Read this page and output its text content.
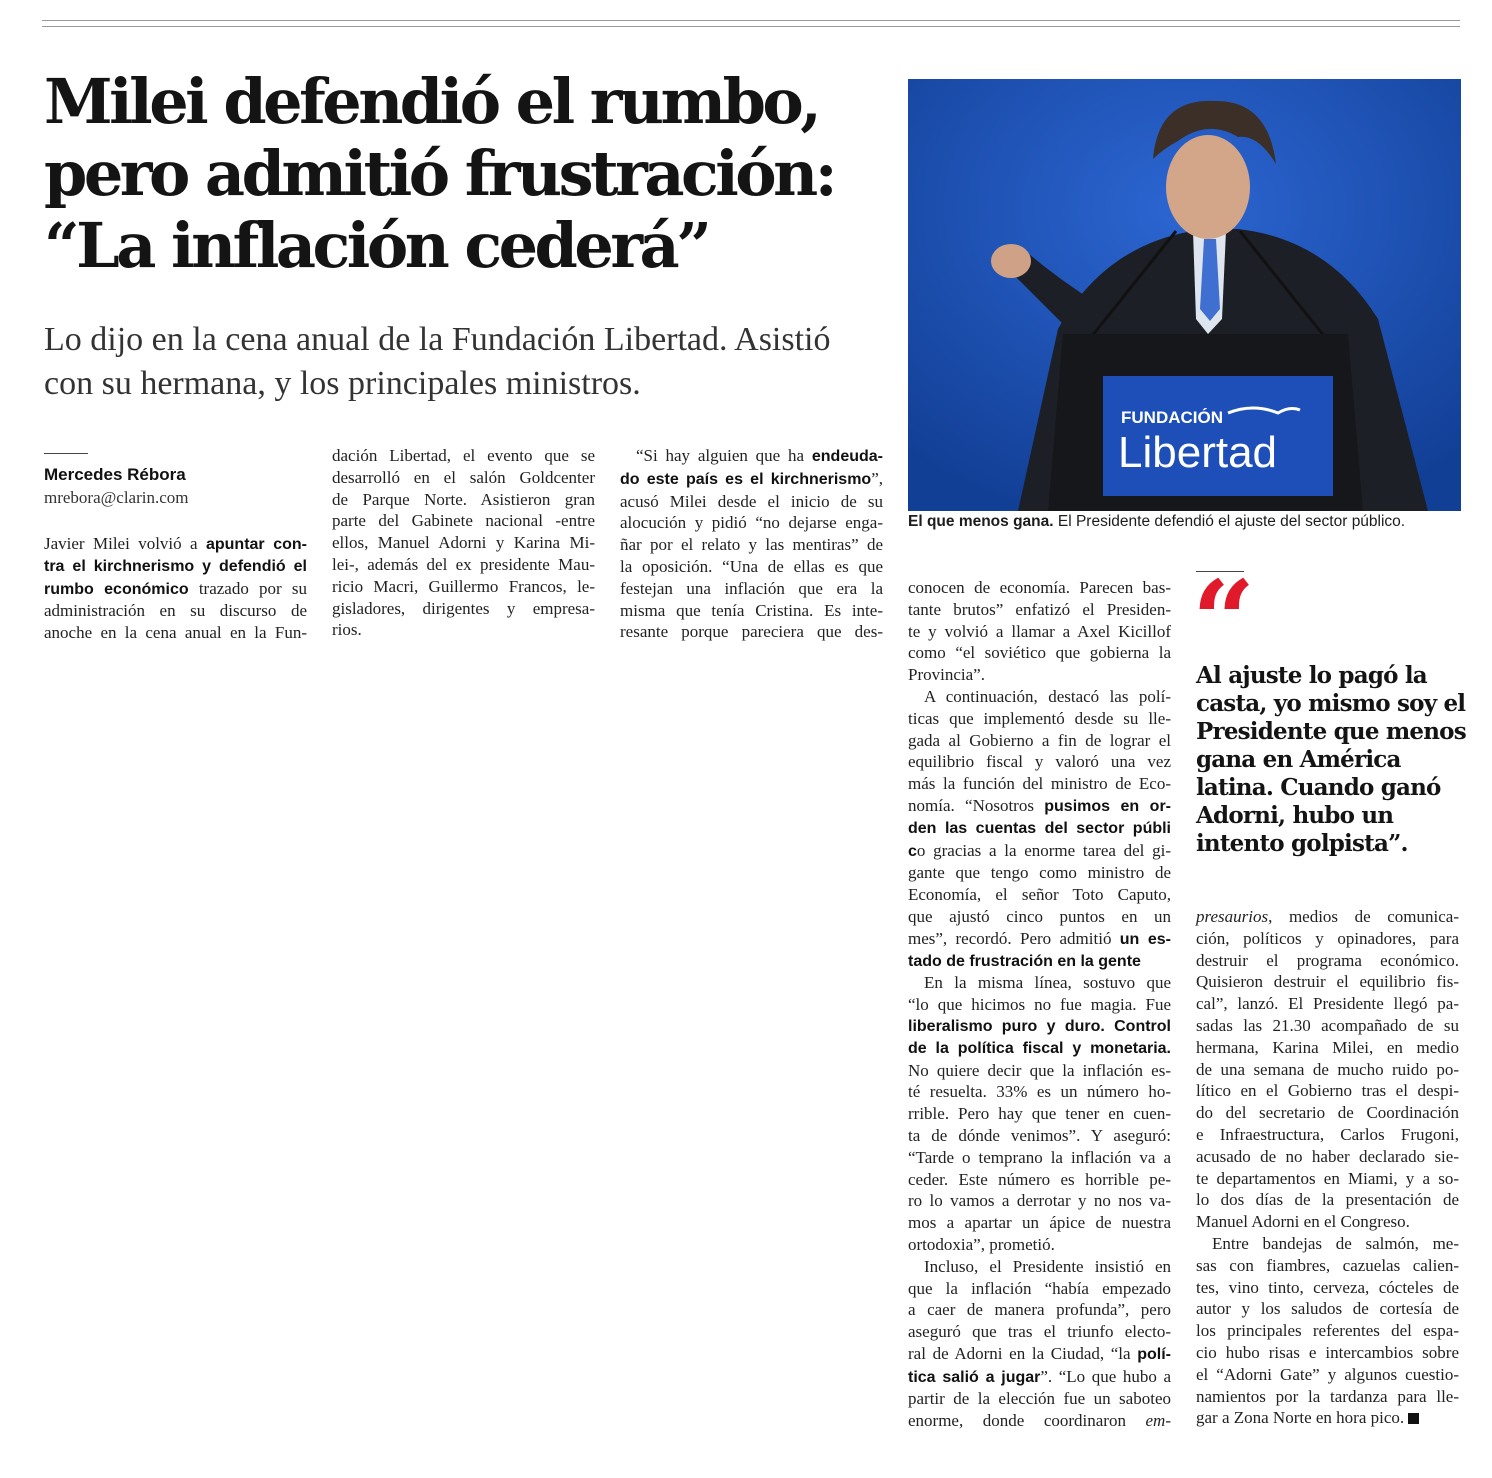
Milei defendió el rumbo,
pero admitió frustración:
“La inflación cederá”

Lo dijo en la cena anual de la Fundación Libertad. Asistió
con su hermana, y los principales ministros.

FUNDACIÓN
Libertad
El que menos gana. El Presidente defendió el ajuste del sector público.
Mercedes Rébora
mrebora@clarin.com
Javier Milei volvió a apuntar con-
tra el kirchnerismo y defendió el
rumbo económico trazado por su
administración en su discurso de
anoche en la cena anual en la Fun-
dación Libertad, el evento que se
desarrolló en el salón Goldcenter
de Parque Norte. Asistieron gran
parte del Gabinete nacional -entre
ellos, Manuel Adorni y Karina Mi-
lei-, además del ex presidente Mau-
ricio Macri, Guillermo Francos, le-
gisladores, dirigentes y empresa-
rios.
“Si hay alguien que ha endeuda-
do este país es el kirchnerismo”,
acusó Milei desde el inicio de su
alocución y pidió “no dejarse enga-
ñar por el relato y las mentiras” de
la oposición. “Una de ellas es que
festejan una inflación que era la
misma que tenía Cristina. Es inte-
resante porque pareciera que des-
conocen de economía. Parecen bas-
tante brutos” enfatizó el Presiden-
te y volvió a llamar a Axel Kicillof
como “el soviético que gobierna la
Provincia”.
A continuación, destacó las polí-
ticas que implementó desde su lle-
gada al Gobierno a fin de lograr el
equilibrio fiscal y valoró una vez
más la función del ministro de Eco-
nomía. “Nosotros pusimos en or-
den las cuentas del sector públi
co gracias a la enorme tarea del gi-
gante que tengo como ministro de
Economía, el señor Toto Caputo,
que ajustó cinco puntos en un
mes”, recordó. Pero admitió un es-
tado de frustración en la gente
En la misma línea, sostuvo que
“lo que hicimos no fue magia. Fue
liberalismo puro y duro. Control
de la política fiscal y monetaria.
No quiere decir que la inflación es-
té resuelta. 33% es un número ho-
rrible. Pero hay que tener en cuen-
ta de dónde venimos”. Y aseguró:
“Tarde o temprano la inflación va a
ceder. Este número es horrible pe-
ro lo vamos a derrotar y no nos va-
mos a apartar un ápice de nuestra
ortodoxia”, prometió.
Incluso, el Presidente insistió en
que la inflación “había empezado
a caer de manera profunda”, pero
aseguró que tras el triunfo electo-
ral de Adorni en la Ciudad, “la polí-
tica salió a jugar”. “Lo que hubo a
partir de la elección fue un saboteo
enorme, donde coordinaron em-
“
Al ajuste lo pagó la
casta, yo mismo soy el
Presidente que menos
gana en América
latina. Cuando ganó
Adorni, hubo un
intento golpista”.
presaurios, medios de comunica-
ción, políticos y opinadores, para
destruir el programa económico.
Quisieron destruir el equilibrio fis-
cal”, lanzó. El Presidente llegó pa-
sadas las 21.30 acompañado de su
hermana, Karina Milei, en medio
de una semana de mucho ruido po-
lítico en el Gobierno tras el despi-
do del secretario de Coordinación
e Infraestructura, Carlos Frugoni,
acusado de no haber declarado sie-
te departamentos en Miami, y a so-
lo dos días de la presentación de
Manuel Adorni en el Congreso.
Entre bandejas de salmón, me-
sas con fiambres, cazuelas calien-
tes, vino tinto, cerveza, cócteles de
autor y los saludos de cortesía de
los principales referentes del espa-
cio hubo risas e intercambios sobre
el “Adorni Gate” y algunos cuestio-
namientos por la tardanza para lle-
gar a Zona Norte en hora pico.
